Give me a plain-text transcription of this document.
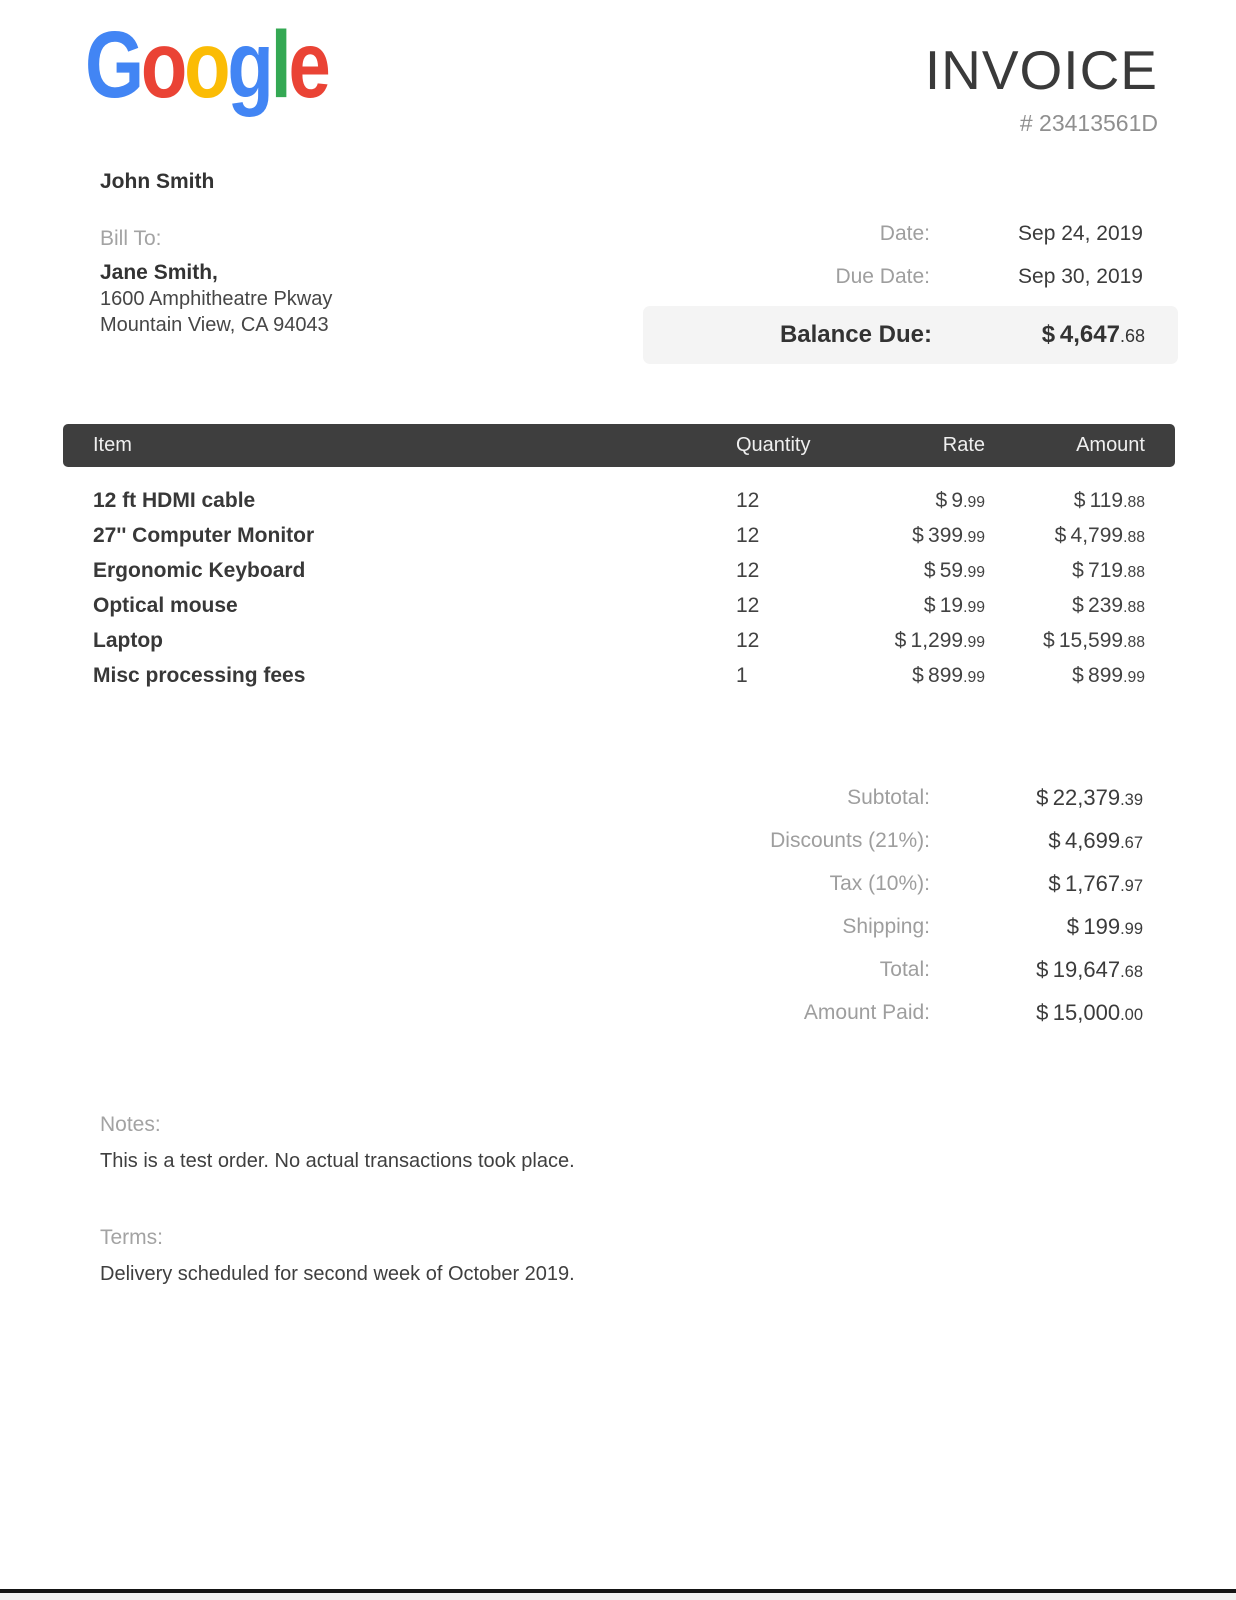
Google	INVOICE
# 23413561D
John Smith
Bill To:
Jane Smith,
1600 Amphitheatre Pkway
Mountain View, CA 94043
Date:	Sep 24, 2019
Due Date:	Sep 30, 2019
Balance Due:	$ 4,647.68
Item	Quantity	Rate	Amount
12 ft HDMI cable	12	$ 9.99	$ 119.88
27'' Computer Monitor	12	$ 399.99	$ 4,799.88
Ergonomic Keyboard	12	$ 59.99	$ 719.88
Optical mouse	12	$ 19.99	$ 239.88
Laptop	12	$ 1,299.99	$ 15,599.88
Misc processing fees	1	$ 899.99	$ 899.99
Subtotal:	$ 22,379.39
Discounts (21%):	$ 4,699.67
Tax (10%):	$ 1,767.97
Shipping:	$ 199.99
Total:	$ 19,647.68
Amount Paid:	$ 15,000.00
Notes:
This is a test order. No actual transactions took place.
Terms:
Delivery scheduled for second week of October 2019.
